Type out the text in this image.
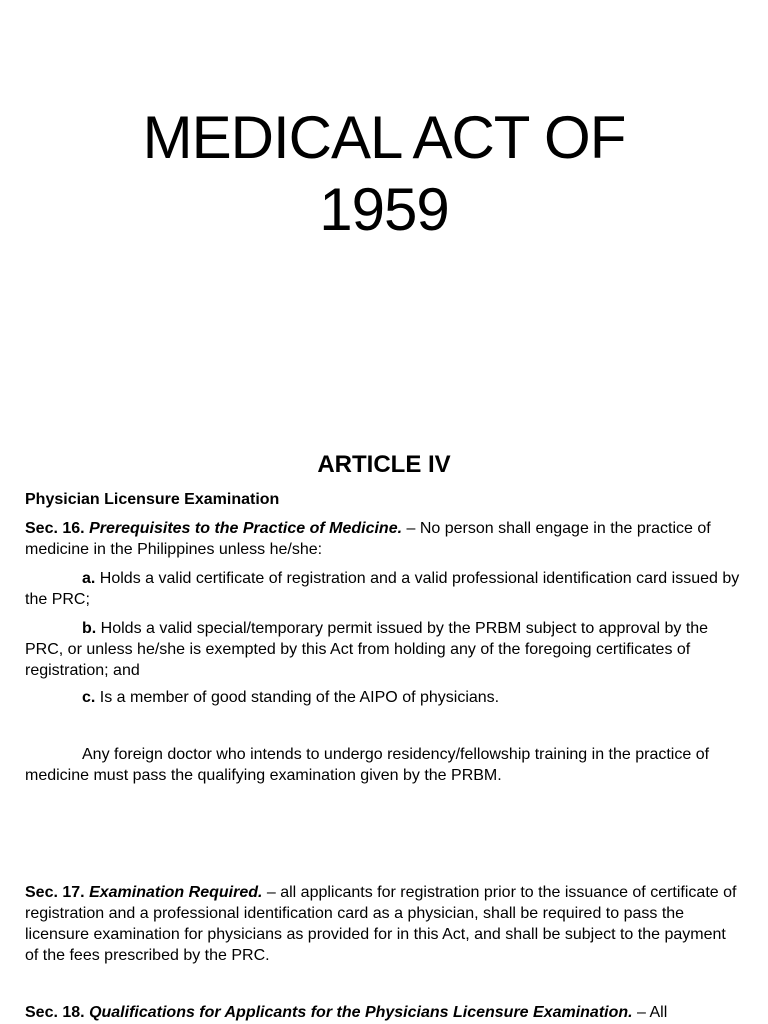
MEDICAL ACT OF
1959
ARTICLE IV

Physician Licensure Examination

Sec. 16. Prerequisites to the Practice of Medicine. – No person shall engage in the practice of medicine in the Philippines unless he/she:

a. Holds a valid certificate of registration and a valid professional identification card issued by the PRC;

b. Holds a valid special/temporary permit issued by the PRBM subject to approval by the PRC, or unless he/she is exempted by this Act from holding any of the foregoing certificates of registration; and

c. Is a member of good standing of the AIPO of physicians.

Any foreign doctor who intends to undergo residency/fellowship training in the practice of medicine must pass the qualifying examination given by the PRBM.

Sec. 17. Examination Required. – all applicants for registration prior to the issuance of certificate of registration and a professional identification card as a physician, shall be required to pass the licensure examination for physicians as provided for in this Act, and shall be subject to the payment of the fees prescribed by the PRC.

Sec. 18. Qualifications for Applicants for the Physicians Licensure Examination. – All
